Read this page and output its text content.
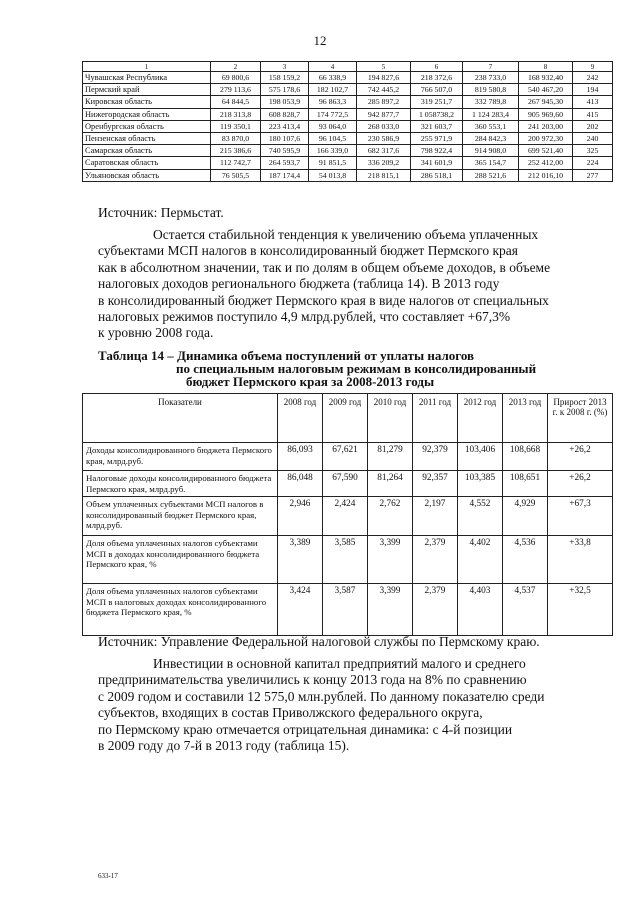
12
1	2	3	4	5	6	7	8	9
Чувашская Республика	69 800,6	158 159,2	66 338,9	194 827,6	218 372,6	238 733,0	168 932,40	242
Пермский край	279 113,6	575 178,6	182 102,7	742 445,2	766 507,0	819 580,8	540 467,20	194
Кировская область	64 844,5	198 053,9	96 863,3	285 897,2	319 251,7	332 789,8	267 945,30	413
Нижегородская область	218 313,8	608 828,7	174 772,5	942 877,7	1 058738,2	1 124 283,4	905 969,60	415
Оренбургская область	119 350,1	223 413,4	93 064,0	268 033,0	321 603,7	360 553,1	241 203,00	202
Пензенская область	83 870,0	180 107,6	96 104,5	230 586,9	255 971,9	284 842,3	200 972,30	240
Самарская область	215 386,6	740 595,9	166 339,0	682 317,6	798 922,4	914 908,0	699 521,40	325
Саратовская область	112 742,7	264 593,7	91 851,5	336 209,2	341 601,9	365 154,7	252 412,00	224
Ульяновская область	76 505,5	187 174,4	54 013,8	218 815,1	286 518,1	288 521,6	212 016,10	277
Источник: Пермьстат.
Остается стабильной тенденция к увеличению объема уплаченных
субъектами МСП налогов в консолидированный бюджет Пермского края
как в абсолютном значении, так и по долям в общем объеме доходов, в объеме
налоговых доходов регионального бюджета (таблица 14). В 2013 году
в консолидированный бюджет Пермского края в виде налогов от специальных
налоговых режимов поступило 4,9 млрд.рублей, что составляет +67,3%
к уровню 2008 года.
Таблица 14 – Динамика объема поступлений от уплаты налогов
по специальным налоговым режимам в консолидированный
бюджет Пермского края за 2008-2013 годы
Показатели	2008 год	2009 год	2010 год	2011 год	2012 год	2013 год	Прирост 2013 г. к 2008 г. (%)
Доходы консолидированного бюджета Пермского края, млрд.руб.	86,093	67,621	81,279	92,379	103,406	108,668	+26,2
Налоговые доходы консолидированного бюджета Пермского края, млрд.руб.	86,048	67,590	81,264	92,357	103,385	108,651	+26,2
Объем уплаченных субъектами МСП налогов в консолидированный бюджет Пермского края, млрд.руб.	2,946	2,424	2,762	2,197	4,552	4,929	+67,3
Доля объема уплаченных налогов субъектами МСП в доходах консолидированного бюджета Пермского края, %	3,389	3,585	3,399	2,379	4,402	4,536	+33,8
Доля объема уплаченных налогов субъектами МСП в налоговых доходах консолидированного бюджета Пермского края, %	3,424	3,587	3,399	2,379	4,403	4,537	+32,5
Источник: Управление Федеральной налоговой службы по Пермскому краю.
Инвестиции в основной капитал предприятий малого и среднего
предпринимательства увеличились к концу 2013 года на 8% по сравнению
с 2009 годом и составили 12 575,0 млн.рублей. По данному показателю среди
субъектов, входящих в состав Приволжского федерального округа,
по Пермскому краю отмечается отрицательная динамика: с 4-й позиции
в 2009 году до 7-й в 2013 году (таблица 15).
633-17
